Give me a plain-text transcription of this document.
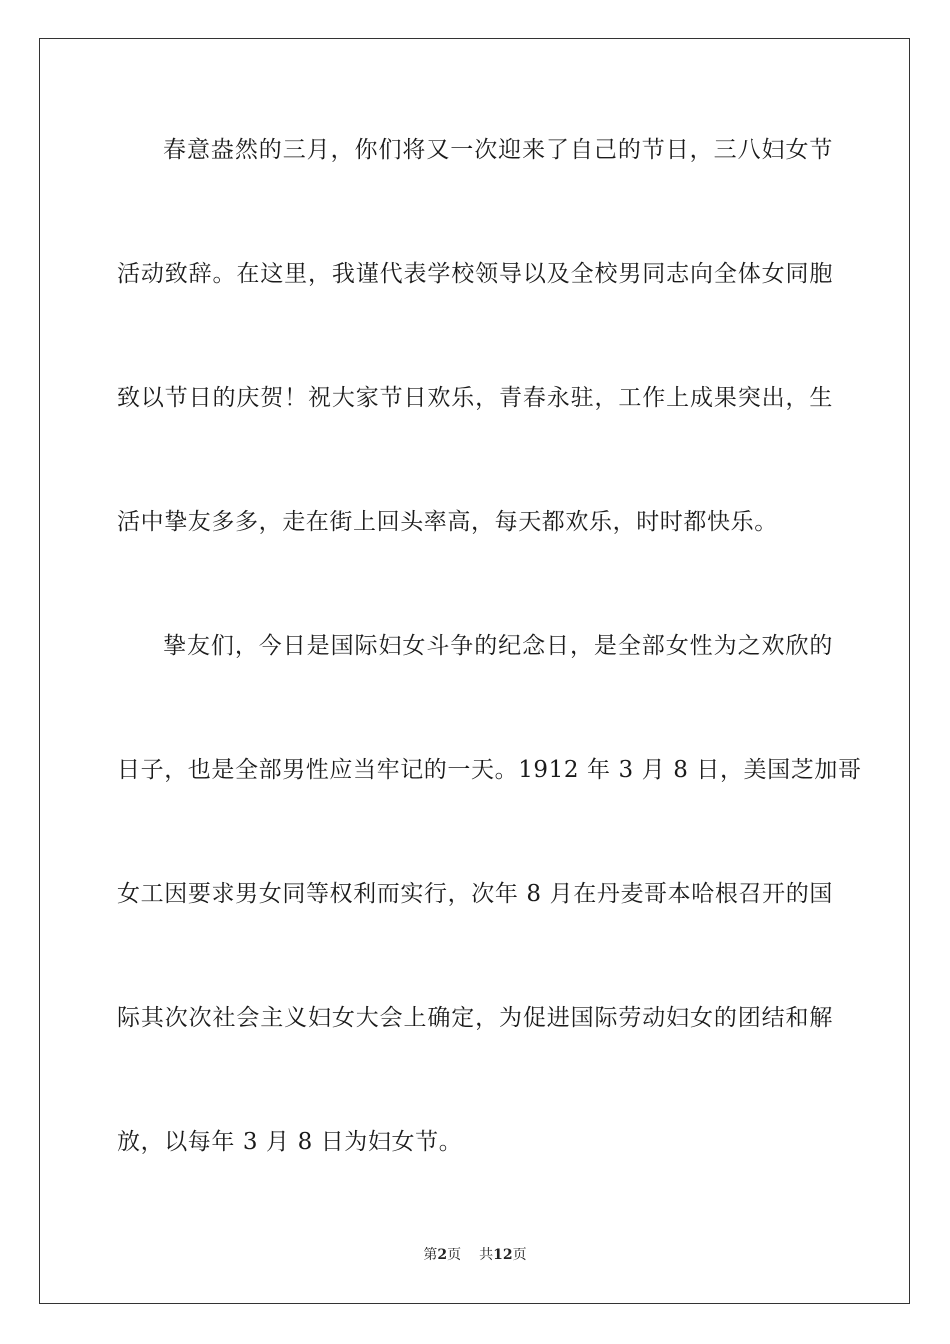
春意盎然的三月，你们将又一次迎来了自己的节日，三八妇女节
活动致辞。在这里，我谨代表学校领导以及全校男同志向全体女同胞
致以节日的庆贺！祝大家节日欢乐，青春永驻，工作上成果突出，生
活中挚友多多，走在街上回头率高，每天都欢乐，时时都快乐。
挚友们，今日是国际妇女斗争的纪念日，是全部女性为之欢欣的
日子，也是全部男性应当牢记的一天。1912 年 3 月 8 日，美国芝加哥
女工因要求男女同等权利而实行，次年 8 月在丹麦哥本哈根召开的国
际其次次社会主义妇女大会上确定，为促进国际劳动妇女的团结和解
放，以每年 3 月 8 日为妇女节。
第2页 共12页
